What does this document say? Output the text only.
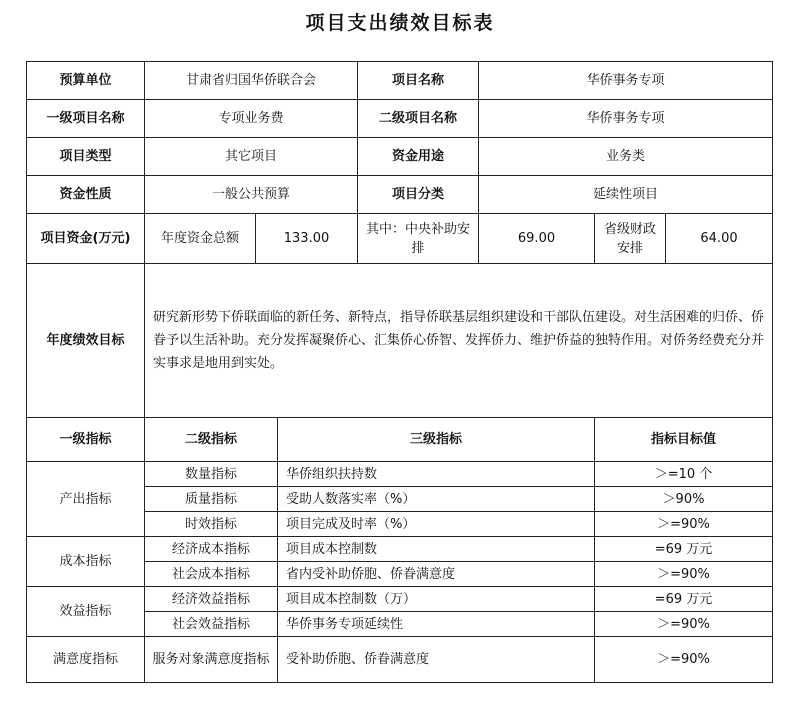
项目支出绩效目标表
预算单位	甘肃省归国华侨联合会			项目名称	华侨事务专项		
一级项目名称	专项业务费			二级项目名称	华侨事务专项		
项目类型	其它项目			资金用途	业务类		
资金性质	一般公共预算			项目分类	延续性项目		
项目资金(万元)	年度资金总额	133.00		其中：中央补助安排	69.00	省级财政安排	64.00
年度绩效目标	研究新形势下侨联面临的新任务、新特点，指导侨联基层组织建设和干部队伍建设。对生活困难的归侨、侨眷予以生活补助。充分发挥凝聚侨心、汇集侨心侨智、发挥侨力、维护侨益的独特作用。对侨务经费充分并实事求是地用到实处。						
一级指标	二级指标		三级指标			指标目标值	
产出指标	数量指标		华侨组织扶持数			＞=10 个	
	质量指标		受助人数落实率（%）			＞90%	
	时效指标		项目完成及时率（%）			＞=90%	
成本指标	经济成本指标		项目成本控制数			=69 万元	
	社会成本指标		省内受补助侨胞、侨眷满意度			＞=90%	
效益指标	经济效益指标		项目成本控制数（万）			=69 万元	
	社会效益指标		华侨事务专项延续性			＞=90%	
满意度指标	服务对象满意度指标		受补助侨胞、侨眷满意度			＞=90%	
